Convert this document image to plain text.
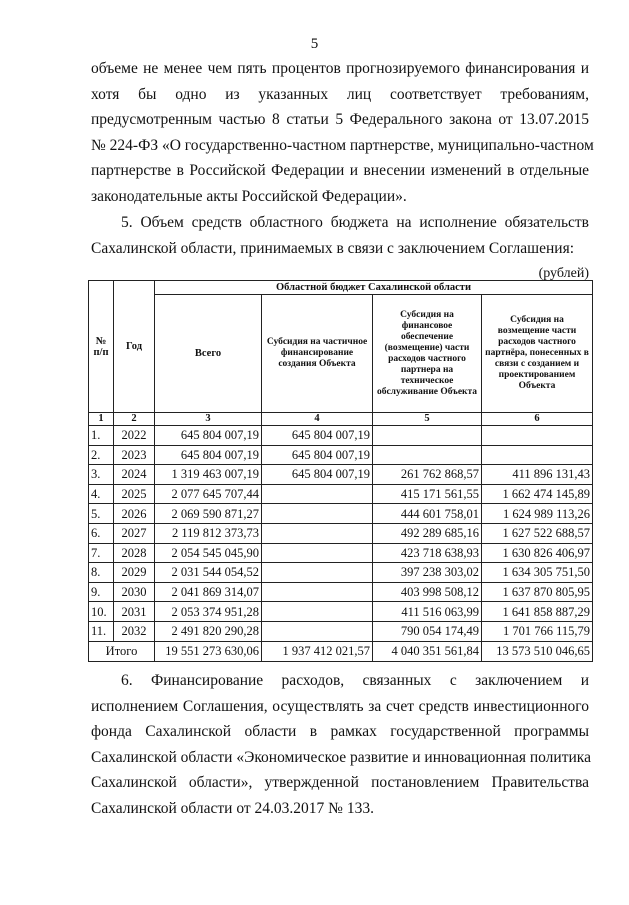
5
объеме не менее чем пять процентов прогнозируемого финансирования и
хотя бы одно из указанных лиц соответствует требованиям,
предусмотренным частью 8 статьи 5 Федерального закона от 13.07.2015
№ 224-ФЗ «О государственно-частном партнерстве, муниципально-частном
партнерстве в Российской Федерации и внесении изменений в отдельные
законодательные акты Российской Федерации».
5. Объем средств областного бюджета на исполнение обязательств
Сахалинской области, принимаемых в связи с заключением Соглашения:
(рублей)
№ п/п	Год	Областной бюджет Сахалинской области			
		Всего	Субсидия на частичное финансирование создания Объекта	Субсидия на финансовое обеспечение (возмещение) части расходов частного партнера на техническое обслуживание Объекта	Субсидия на возмещение части расходов частного партнёра, понесенных в связи с созданием и проектированием Объекта
1	2	3	4	5	6
1.	2022	645 804 007,19	645 804 007,19		
2.	2023	645 804 007,19	645 804 007,19		
3.	2024	1 319 463 007,19	645 804 007,19	261 762 868,57	411 896 131,43
4.	2025	2 077 645 707,44		415 171 561,55	1 662 474 145,89
5.	2026	2 069 590 871,27		444 601 758,01	1 624 989 113,26
6.	2027	2 119 812 373,73		492 289 685,16	1 627 522 688,57
7.	2028	2 054 545 045,90		423 718 638,93	1 630 826 406,97
8.	2029	2 031 544 054,52		397 238 303,02	1 634 305 751,50
9.	2030	2 041 869 314,07		403 998 508,12	1 637 870 805,95
10.	2031	2 053 374 951,28		411 516 063,99	1 641 858 887,29
11.	2032	2 491 820 290,28		790 054 174,49	1 701 766 115,79
Итого		19 551 273 630,06	1 937 412 021,57	4 040 351 561,84	13 573 510 046,65
6. Финансирование расходов, связанных с заключением и
исполнением Соглашения, осуществлять за счет средств инвестиционного
фонда Сахалинской области в рамках государственной программы
Сахалинской области «Экономическое развитие и инновационная политика
Сахалинской области», утвержденной постановлением Правительства
Сахалинской области от 24.03.2017 № 133.
